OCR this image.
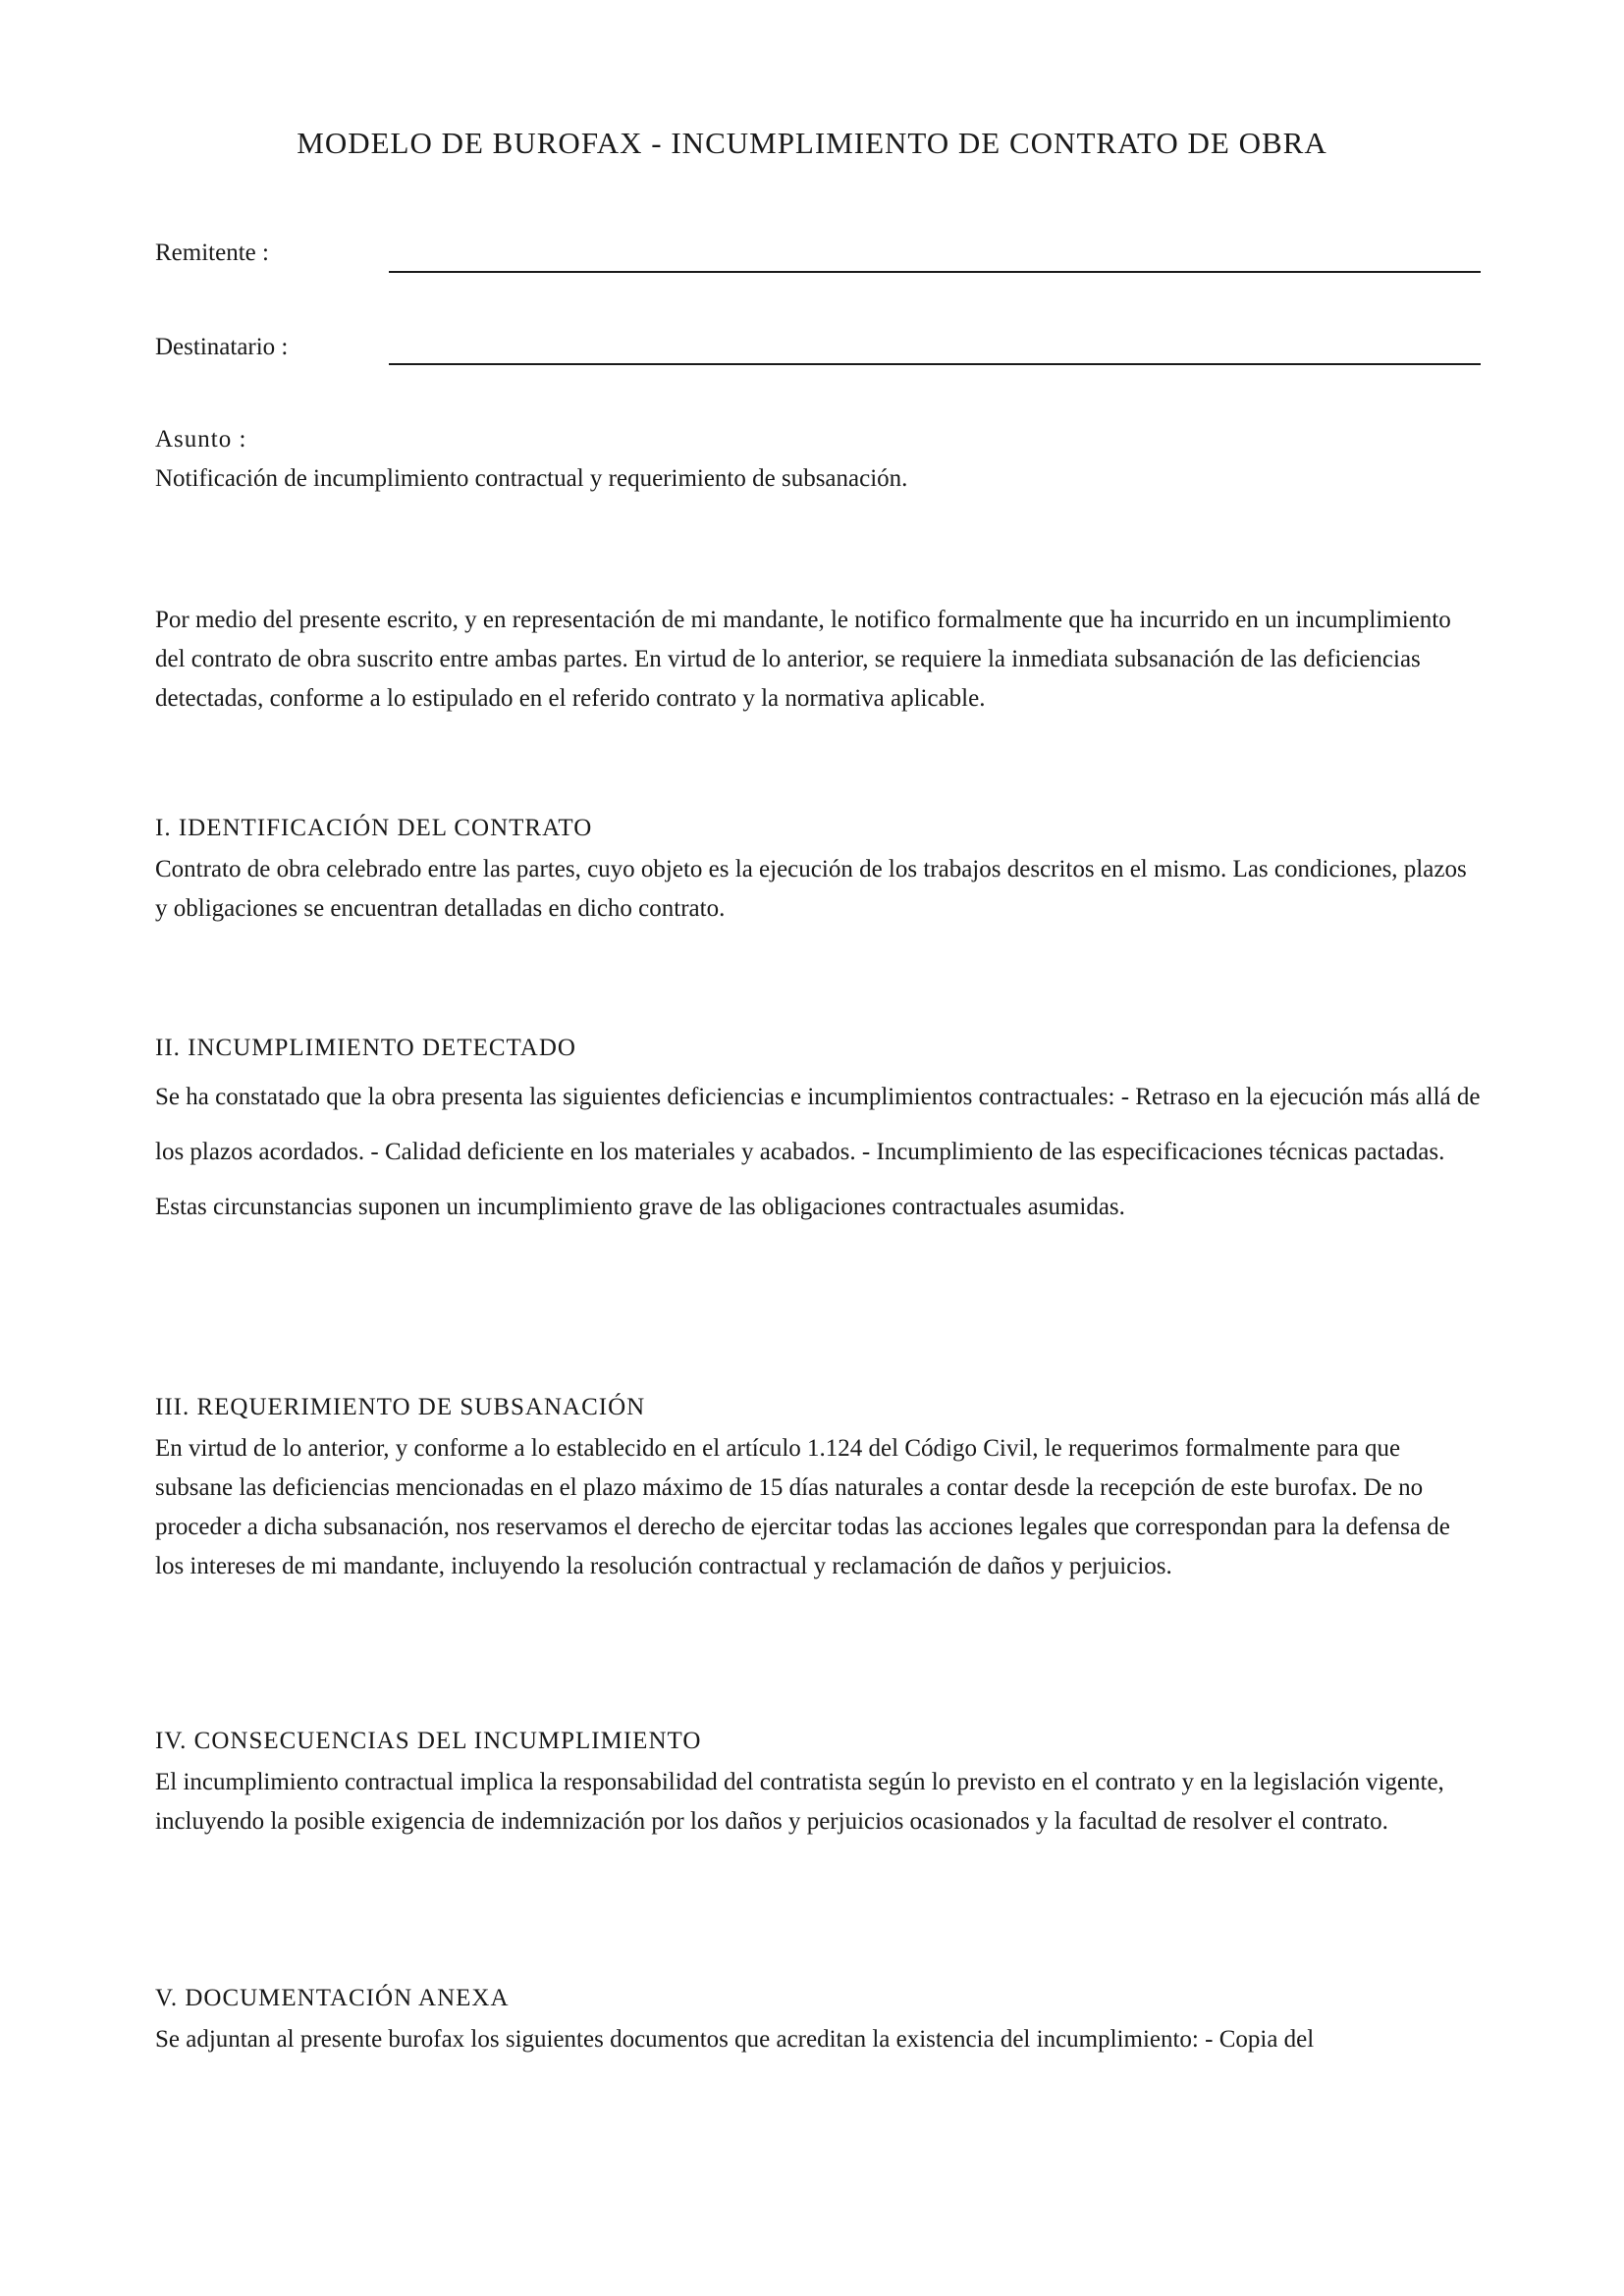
MODELO DE BUROFAX - INCUMPLIMIENTO DE CONTRATO DE OBRA
Remitente :
Destinatario :

Asunto :

Notificación de incumplimiento contractual y requerimiento de subsanación.

Por medio del presente escrito, y en representación de mi mandante, le notifico formalmente que ha incurrido en un incumplimiento del contrato de obra suscrito entre ambas partes. En virtud de lo anterior, se requiere la inmediata subsanación de las deficiencias detectadas, conforme a lo estipulado en el referido contrato y la normativa aplicable.

I. IDENTIFICACIÓN DEL CONTRATO

Contrato de obra celebrado entre las partes, cuyo objeto es la ejecución de los trabajos descritos en el mismo. Las condiciones, plazos y obligaciones se encuentran detalladas en dicho contrato.

II. INCUMPLIMIENTO DETECTADO

Se ha constatado que la obra presenta las siguientes deficiencias e incumplimientos contractuales: - Retraso en la ejecución más allá de los plazos acordados. - Calidad deficiente en los materiales y acabados. - Incumplimiento de las especificaciones técnicas pactadas. Estas circunstancias suponen un incumplimiento grave de las obligaciones contractuales asumidas.

III. REQUERIMIENTO DE SUBSANACIÓN

En virtud de lo anterior, y conforme a lo establecido en el artículo 1.124 del Código Civil, le requerimos formalmente para que subsane las deficiencias mencionadas en el plazo máximo de 15 días naturales a contar desde la recepción de este burofax. De no proceder a dicha subsanación, nos reservamos el derecho de ejercitar todas las acciones legales que correspondan para la defensa de los intereses de mi mandante, incluyendo la resolución contractual y reclamación de daños y perjuicios.

IV. CONSECUENCIAS DEL INCUMPLIMIENTO

El incumplimiento contractual implica la responsabilidad del contratista según lo previsto en el contrato y en la legislación vigente, incluyendo la posible exigencia de indemnización por los daños y perjuicios ocasionados y la facultad de resolver el contrato.

V. DOCUMENTACIÓN ANEXA

Se adjuntan al presente burofax los siguientes documentos que acreditan la existencia del incumplimiento: - Copia del
